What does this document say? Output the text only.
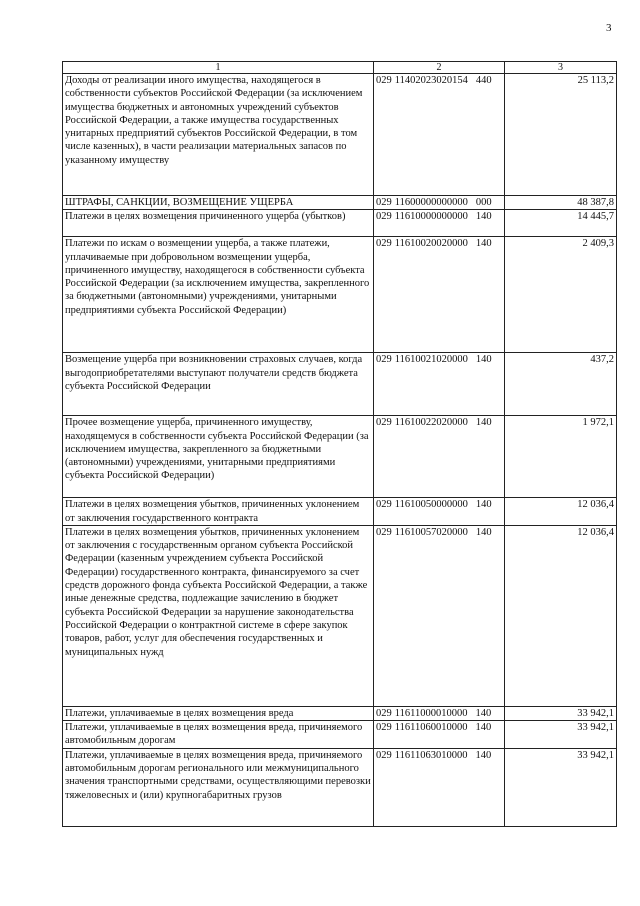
3
1	2	3
Доходы от реализации иного имущества, находящегося в собственности субъектов Российской Федерации (за исключением имущества бюджетных и автономных учреждений субъектов Российской Федерации, а также имущества государственных унитарных предприятий субъектов Российской Федерации, в том числе казенных), в части реализации материальных запасов по указанному имуществу	029 11402023020154 440	25 113,2
ШТРАФЫ, САНКЦИИ, ВОЗМЕЩЕНИЕ УЩЕРБА	029 11600000000000 000	48 387,8
Платежи в целях возмещения причиненного ущерба (убытков)	029 11610000000000 140	14 445,7
Платежи по искам о возмещении ущерба, а также платежи, уплачиваемые при добровольном возмещении ущерба, причиненного имуществу, находящегося в собственности субъекта Российской Федерации (за исключением имущества, закрепленного за бюджетными (автономными) учреждениями, унитарными предприятиями субъекта Российской Федерации)	029 11610020020000 140	2 409,3
Возмещение ущерба при возникновении страховых случаев, когда выгодоприобретателями выступают получатели средств бюджета субъекта Российской Федерации	029 11610021020000 140	437,2
Прочее возмещение ущерба, причиненного имуществу, находящемуся в собственности субъекта Российской Федерации (за исключением имущества, закрепленного за бюджетными (автономными) учреждениями, унитарными предприятиями субъекта Российской Федерации)	029 11610022020000 140	1 972,1
Платежи в целях возмещения убытков, причиненных уклонением от заключения государственного контракта	029 11610050000000 140	12 036,4
Платежи в целях возмещения убытков, причиненных уклонением от заключения с государственным органом субъекта Российской Федерации (казенным учреждением субъекта Российской Федерации) государственного контракта, финансируемого за счет средств дорожного фонда субъекта Российской Федерации, а также иные денежные средства, подлежащие зачислению в бюджет субъекта Российской Федерации за нарушение законодательства Российской Федерации о контрактной системе в сфере закупок товаров, работ, услуг для обеспечения государственных и муниципальных нужд	029 11610057020000 140	12 036,4
Платежи, уплачиваемые в целях возмещения вреда	029 11611000010000 140	33 942,1
Платежи, уплачиваемые в целях возмещения вреда, причиняемого автомобильным дорогам	029 11611060010000 140	33 942,1
Платежи, уплачиваемые в целях возмещения вреда, причиняемого автомобильным дорогам регионального или межмуниципального значения транспортными средствами, осуществляющими перевозки тяжеловесных и (или) крупногабаритных грузов	029 11611063010000 140	33 942,1
